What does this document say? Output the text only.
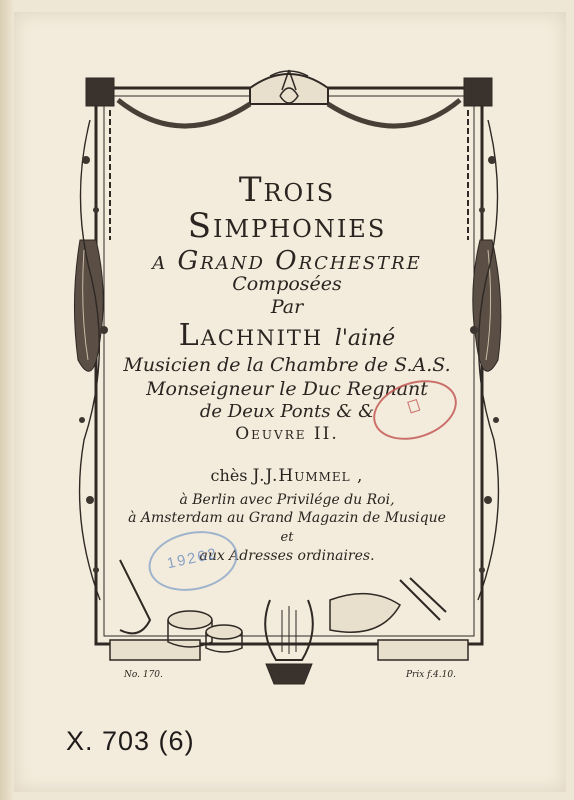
Trois
Simphonies
a Grand Orchestre
Composées
Par
Lachnith l'ainé
Musicien de la Chambre de S.A.S.
Monseigneur le Duc Regnant
de Deux Ponts & &
Oeuvre II.
chès J.J.Hummel ,
à Berlin avec Privilége du Roi,
à Amsterdam au Grand Magazin de Musique
et
aux Adresses ordinaires.
No. 170.	Prix f.4.10.
​
19262
X. 703 (6)
